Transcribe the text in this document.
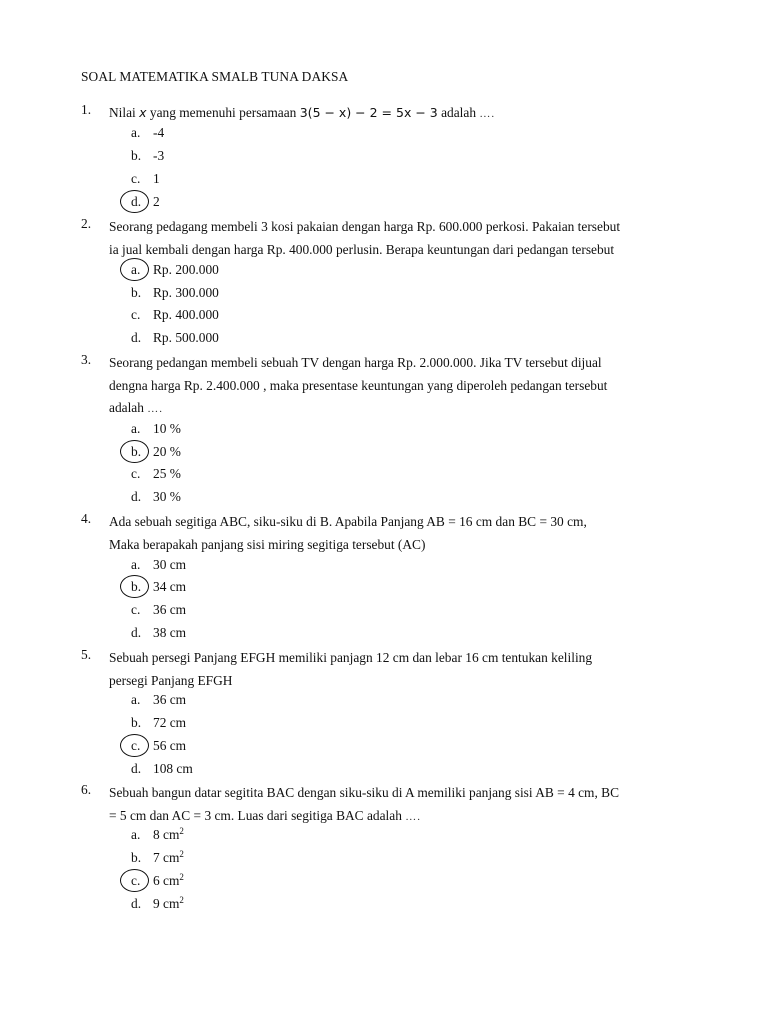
SOAL MATEMATIKA SMALB TUNA DAKSA
1. Nilai x yang memenuhi persamaan 3(5 − x) − 2 = 5x − 3 adalah ….
a. -4
b. -3
c. 1
d. 2
2. Seorang pedagang membeli 3 kosi pakaian dengan harga Rp. 600.000 perkosi. Pakaian tersebut
ia jual kembali dengan harga Rp. 400.000 perlusin. Berapa keuntungan dari pedangan tersebut
a. Rp. 200.000
b. Rp. 300.000
c. Rp. 400.000
d. Rp. 500.000
3. Seorang pedangan membeli sebuah TV dengan harga Rp. 2.000.000. Jika TV tersebut dijual
dengna harga Rp. 2.400.000 , maka presentase keuntungan yang diperoleh pedangan tersebut
adalah ….
a. 10 %
b. 20 %
c. 25 %
d. 30 %
4. Ada sebuah segitiga ABC, siku-siku di B. Apabila Panjang AB = 16 cm dan BC = 30 cm,
Maka berapakah panjang sisi miring segitiga tersebut (AC)
a. 30 cm
b. 34 cm
c. 36 cm
d. 38 cm
5. Sebuah persegi Panjang EFGH memiliki panjagn 12 cm dan lebar 16 cm tentukan keliling
persegi Panjang EFGH
a. 36 cm
b. 72 cm
c. 56 cm
d. 108 cm
6. Sebuah bangun datar segitita BAC dengan siku-siku di A memiliki panjang sisi AB = 4 cm, BC
= 5 cm dan AC = 3 cm. Luas dari segitiga BAC adalah ….
a. 8 $cm^2$
b. 7 $cm^2$
c. 6 $cm^2$
d. 9 $cm^2$
